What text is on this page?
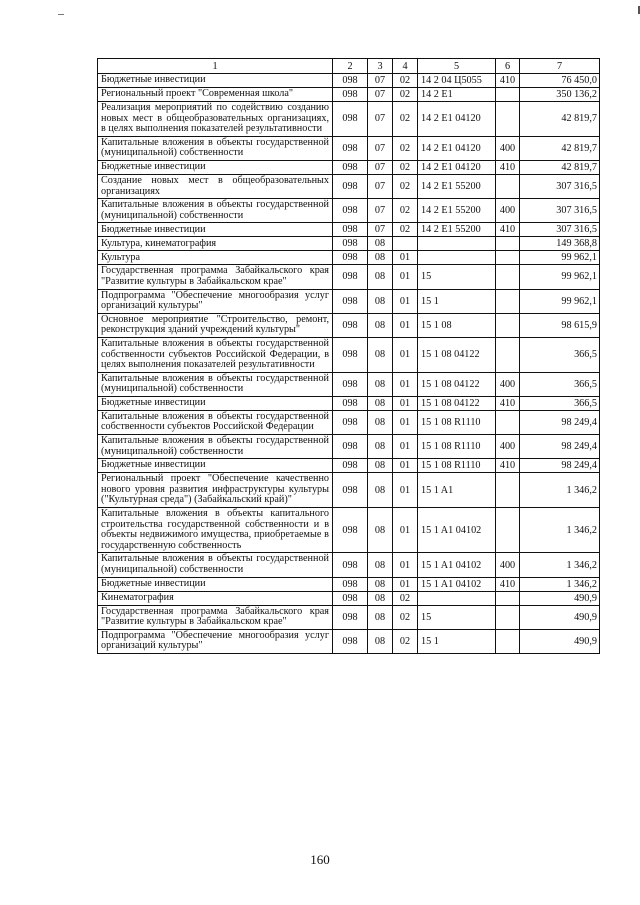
1	2	3	4	5	6	7
Бюджетные инвестиции	098	07	02	14 2 04 Ц5055	410	76 450,0
Региональный проект "Современная школа"	098	07	02	14 2 E1		350 136,2
Реализация мероприятий по содействию созданию новых мест в общеобразовательных организациях, в целях выполнения показателей результативности	098	07	02	14 2 E1 04120		42 819,7
Капитальные вложения в объекты государственной (муниципальной) собственности	098	07	02	14 2 E1 04120	400	42 819,7
Бюджетные инвестиции	098	07	02	14 2 E1 04120	410	42 819,7
Создание новых мест в общеобразовательных организациях	098	07	02	14 2 E1 55200		307 316,5
Капитальные вложения в объекты государственной (муниципальной) собственности	098	07	02	14 2 E1 55200	400	307 316,5
Бюджетные инвестиции	098	07	02	14 2 E1 55200	410	307 316,5
Культура, кинематография	098	08				149 368,8
Культура	098	08	01			99 962,1
Государственная программа Забайкальского края "Развитие культуры в Забайкальском крае"	098	08	01	15		99 962,1
Подпрограмма "Обеспечение многообразия услуг организаций культуры"	098	08	01	15 1		99 962,1
Основное мероприятие "Строительство, ремонт, реконструкция зданий учреждений культуры"	098	08	01	15 1 08		98 615,9
Капитальные вложения в объекты государственной собственности субъектов Российской Федерации, в целях выполнения показателей результативности	098	08	01	15 1 08 04122		366,5
Капитальные вложения в объекты государственной (муниципальной) собственности	098	08	01	15 1 08 04122	400	366,5
Бюджетные инвестиции	098	08	01	15 1 08 04122	410	366,5
Капитальные вложения в объекты государственной собственности субъектов Российской Федерации	098	08	01	15 1 08 R1110		98 249,4
Капитальные вложения в объекты государственной (муниципальной) собственности	098	08	01	15 1 08 R1110	400	98 249,4
Бюджетные инвестиции	098	08	01	15 1 08 R1110	410	98 249,4
Региональный проект "Обеспечение качественно нового уровня развития инфраструктуры культуры ("Культурная среда") (Забайкальский край)"	098	08	01	15 1 A1		1 346,2
Капитальные вложения в объекты капитального строительства государственной собственности и в объекты недвижимого имущества, приобретаемые в государственную собственность	098	08	01	15 1 A1 04102		1 346,2
Капитальные вложения в объекты государственной (муниципальной) собственности	098	08	01	15 1 A1 04102	400	1 346,2
Бюджетные инвестиции	098	08	01	15 1 A1 04102	410	1 346,2
Кинематография	098	08	02			490,9
Государственная программа Забайкальского края "Развитие культуры в Забайкальском крае"	098	08	02	15		490,9
Подпрограмма "Обеспечение многообразия услуг организаций культуры"	098	08	02	15 1		490,9
160
